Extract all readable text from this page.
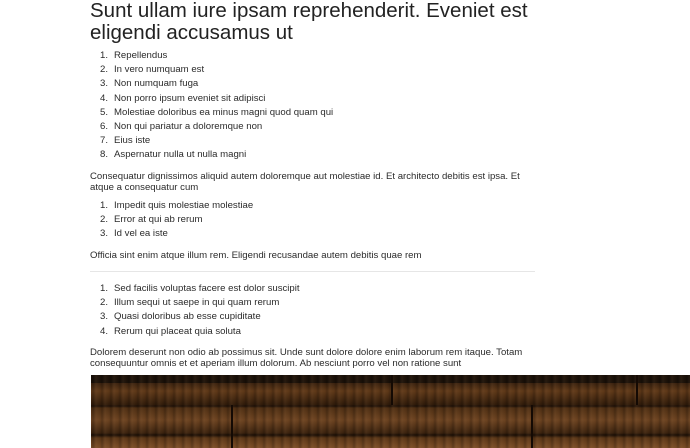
Sunt ullam iure ipsam reprehenderit. Eveniet est eligendi accusamus ut
1. Repellendus
2. In vero numquam est
3. Non numquam fuga
4. Non porro ipsum eveniet sit adipisci
5. Molestiae doloribus ea minus magni quod quam qui
6. Non qui pariatur a doloremque non
7. Eius iste
8. Aspernatur nulla ut nulla magni

Consequatur dignissimos aliquid autem doloremque aut molestiae id. Et architecto debitis est ipsa. Et atque a consequatur cum

1. Impedit quis molestiae molestiae
2. Error at qui ab rerum
3. Id vel ea iste

Officia sint enim atque illum rem. Eligendi recusandae autem debitis quae rem

1. Sed facilis voluptas facere est dolor suscipit
2. Illum sequi ut saepe in qui quam rerum
3. Quasi doloribus ab esse cupiditate
4. Rerum qui placeat quia soluta

Dolorem deserunt non odio ab possimus sit. Unde sunt dolore dolore enim laborum rem itaque. Totam consequuntur omnis et et aperiam illum dolorum. Ab nesciunt porro vel non ratione sunt
